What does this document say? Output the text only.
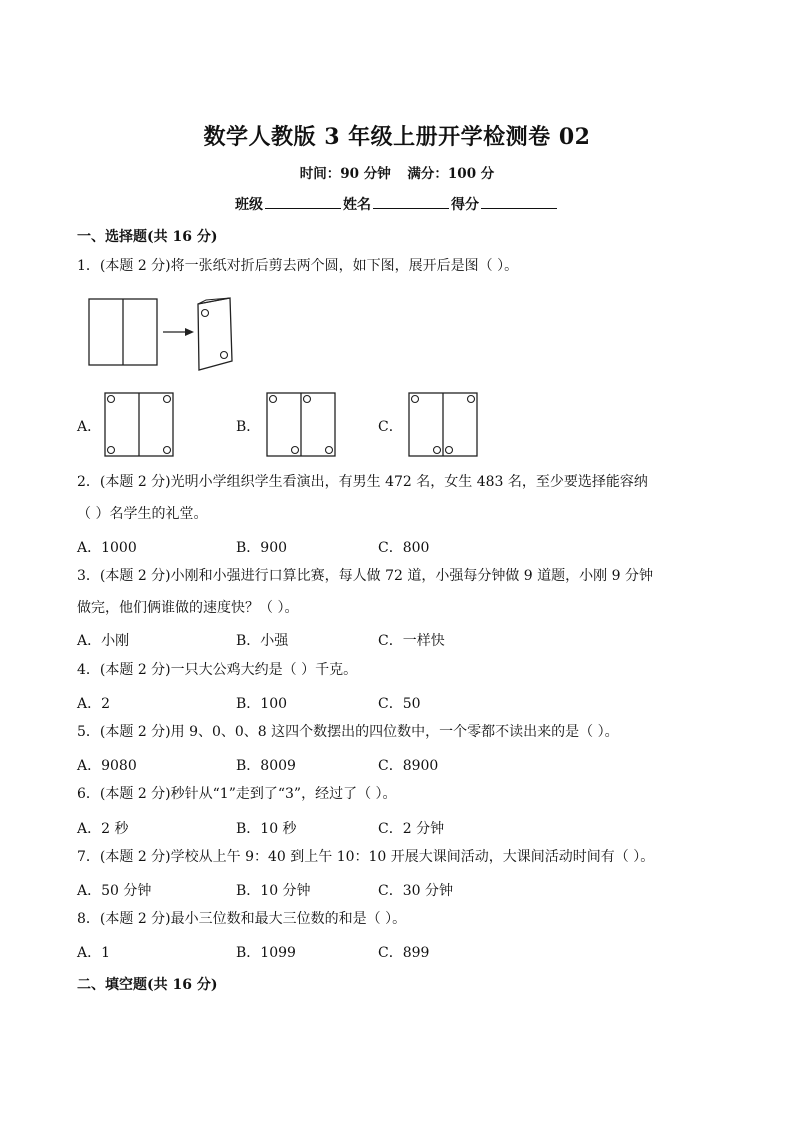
数学人教版 3 年级上册开学检测卷 02
时间：90 分钟 满分：100 分
班级	姓名	得分
一、选择题(共 16 分)
1．(本题 2 分)将一张纸对折后剪去两个圆，如下图，展开后是图（ ）。
A．	B．	C．
2．(本题 2 分)光明小学组织学生看演出，有男生 472 名，女生 483 名，至少要选择能容纳
（ ）名学生的礼堂。
A．1000	B．900	C．800
3．(本题 2 分)小刚和小强进行口算比赛，每人做 72 道，小强每分钟做 9 道题，小刚 9 分钟
做完，他们俩谁做的速度快？（ ）。
A．小刚	B．小强	C．一样快
4．(本题 2 分)一只大公鸡大约是（ ）千克。
A．2	B．100	C．50
5．(本题 2 分)用 9、0、0、8 这四个数摆出的四位数中，一个零都不读出来的是（ ）。
A．9080	B．8009	C．8900
6．(本题 2 分)秒针从“1”走到了“3”，经过了（ ）。
A．2 秒	B．10 秒	C．2 分钟
7．(本题 2 分)学校从上午 9：40 到上午 10：10 开展大课间活动，大课间活动时间有（ ）。
A．50 分钟	B．10 分钟	C．30 分钟
8．(本题 2 分)最小三位数和最大三位数的和是（ ）。
A．1	B．1099	C．899
二、填空题(共 16 分)
